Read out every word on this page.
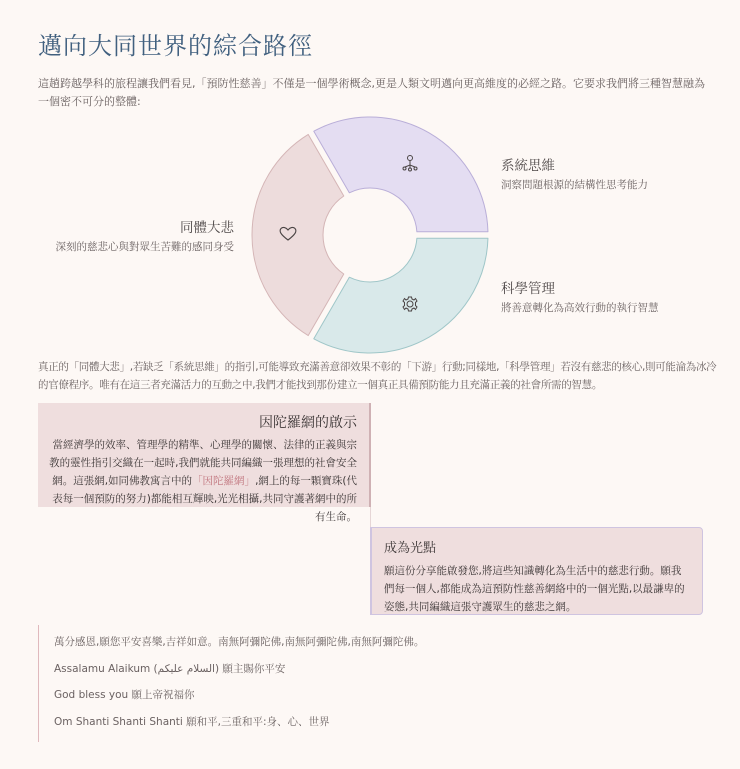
邁向大同世界的綜合路徑
這趟跨越學科的旅程讓我們看見,「預防性慈善」不僅是一個學術概念,更是人類文明邁向更高維度的必經之路。它要求我們將三種智慧融為一個密不可分的整體:
系統思維
洞察問題根源的結構性思考能力
科學管理
將善意轉化為高效行動的執行智慧
同體大悲
深刻的慈悲心與對眾生苦難的感同身受
真正的「同體大悲」,若缺乏「系統思維」的指引,可能導致充滿善意卻效果不彰的「下游」行動;同樣地,「科學管理」若沒有慈悲的核心,則可能淪為冰冷的官僚程序。唯有在這三者充滿活力的互動之中,我們才能找到那份建立一個真正具備預防能力且充滿正義的社會所需的智慧。
因陀羅網的啟示

當經濟學的效率、管理學的精準、心理學的關懷、法律的正義與宗教的靈性指引交織在一起時,我們就能共同編織一張理想的社會安全網。這張網,如同佛教寓言中的「因陀羅網」,網上的每一顆寶珠(代表每一個預防的努力)都能相互輝映,光光相攝,共同守護著網中的所有生命。

成為光點

願這份分享能啟發您,將這些知識轉化為生活中的慈悲行動。願我們每一個人,都能成為這預防性慈善網絡中的一個光點,以最謙卑的姿態,共同編織這張守護眾生的慈悲之網。

萬分感恩,願您平安喜樂,吉祥如意。南無阿彌陀佛,南無阿彌陀佛,南無阿彌陀佛。
Assalamu Alaikum (السلام عليكم) 願主賜你平安
God bless you 願上帝祝福你
Om Shanti Shanti Shanti 願和平,三重和平:身、心、世界
